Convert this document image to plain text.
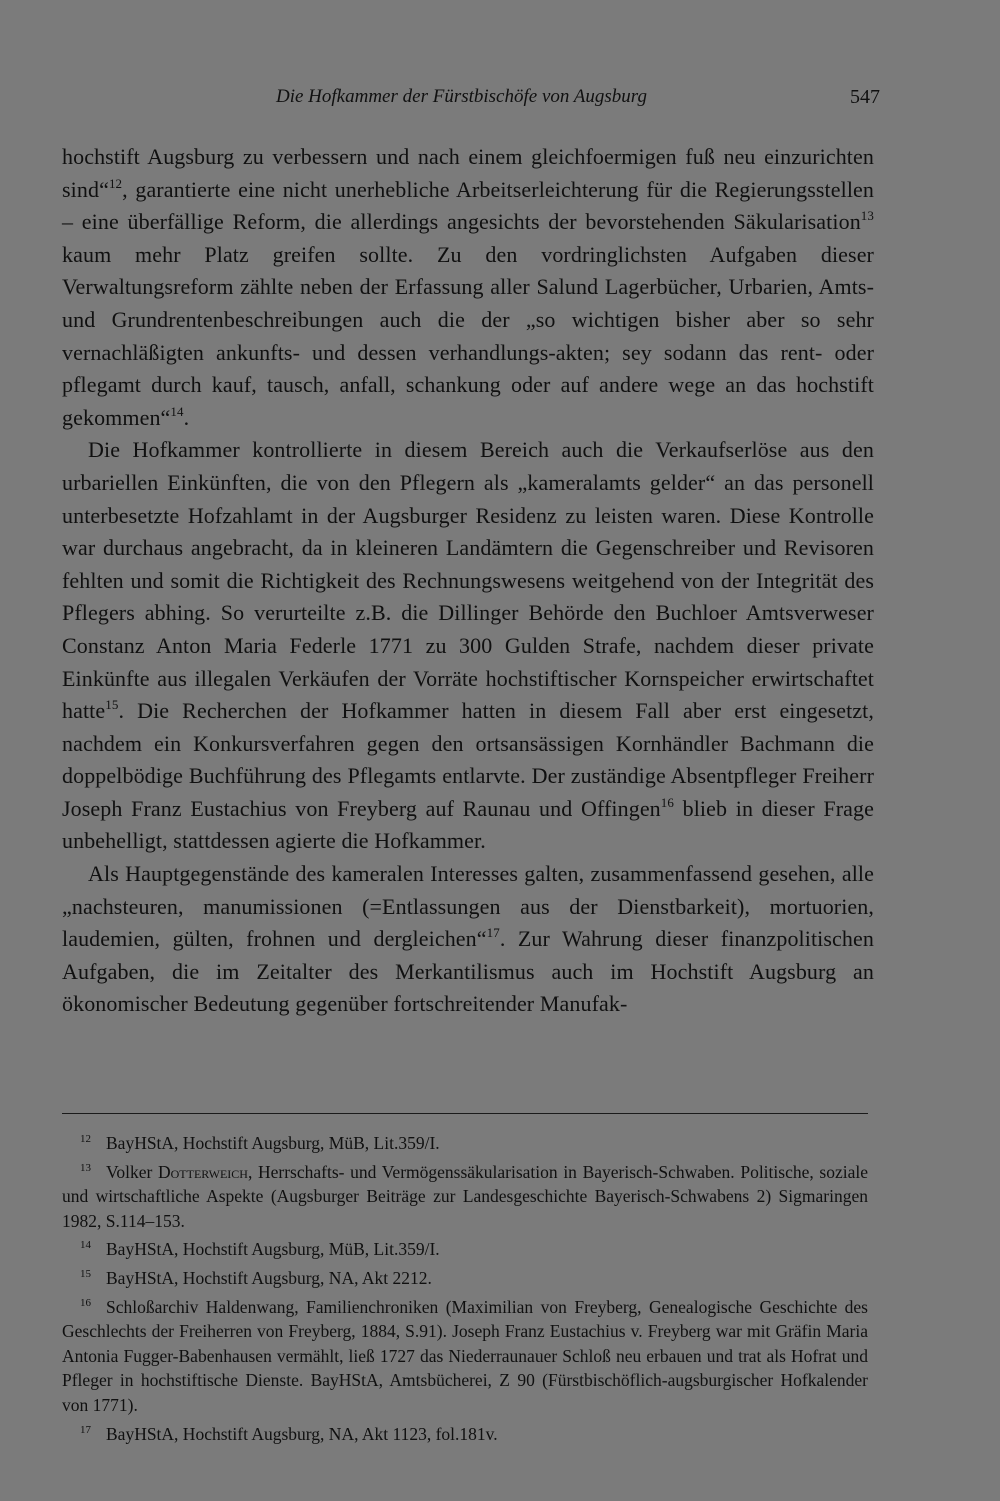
Die Hofkammer der Fürstbischöfe von Augsburg	547

hochstift Augsburg zu verbessern und nach einem gleichfoermigen fuß neu einzurichten sind“$^{12}$, garantierte eine nicht unerhebliche Arbeitserleichterung für die Regierungsstellen – eine überfällige Reform, die allerdings angesichts der bevorstehenden Säkularisation$^{13}$ kaum mehr Platz greifen sollte. Zu den vordringlichsten Aufgaben dieser Verwaltungsreform zählte neben der Erfassung aller Salund Lagerbücher, Urbarien, Amts- und Grundrentenbeschreibungen auch die der „so wichtigen bisher aber so sehr vernachläßigten ankunfts- und dessen verhandlungs-akten; sey sodann das rent- oder pflegamt durch kauf, tausch, anfall, schankung oder auf andere wege an das hochstift gekommen“$^{14}$.

Die Hofkammer kontrollierte in diesem Bereich auch die Verkaufserlöse aus den urbariellen Einkünften, die von den Pflegern als „kameralamts gelder“ an das personell unterbesetzte Hofzahlamt in der Augsburger Residenz zu leisten waren. Diese Kontrolle war durchaus angebracht, da in kleineren Landämtern die Gegenschreiber und Revisoren fehlten und somit die Richtigkeit des Rechnungswesens weitgehend von der Integrität des Pflegers abhing. So verurteilte z.B. die Dillinger Behörde den Buchloer Amtsverweser Constanz Anton Maria Federle 1771 zu 300 Gulden Strafe, nachdem dieser private Einkünfte aus illegalen Verkäufen der Vorräte hochstiftischer Kornspeicher erwirtschaftet hatte$^{15}$. Die Recherchen der Hofkammer hatten in diesem Fall aber erst eingesetzt, nachdem ein Konkursverfahren gegen den ortsansässigen Kornhändler Bachmann die doppelbödige Buchführung des Pflegamts entlarvte. Der zuständige Absentpfleger Freiherr Joseph Franz Eustachius von Freyberg auf Raunau und Offingen$^{16}$ blieb in dieser Frage unbehelligt, stattdessen agierte die Hofkammer.

Als Hauptgegenstände des kameralen Interesses galten, zusammenfassend gesehen, alle „nachsteuren, manumissionen (=Entlassungen aus der Dienstbarkeit), mortuorien, laudemien, gülten, frohnen und dergleichen“$^{17}$. Zur Wahrung dieser finanzpolitischen Aufgaben, die im Zeitalter des Merkantilismus auch im Hochstift Augsburg an ökonomischer Bedeutung gegenüber fortschreitender Manufak-

12 BayHStA, Hochstift Augsburg, MüB, Lit.359/I.

13 Volker Dotterweich, Herrschafts- und Vermögenssäkularisation in Bayerisch-Schwaben. Politische, soziale und wirtschaftliche Aspekte (Augsburger Beiträge zur Landesgeschichte Bayerisch-Schwabens 2) Sigmaringen 1982, S.114–153.

14 BayHStA, Hochstift Augsburg, MüB, Lit.359/I.

15 BayHStA, Hochstift Augsburg, NA, Akt 2212.

16 Schloßarchiv Haldenwang, Familienchroniken (Maximilian von Freyberg, Genealogische Geschichte des Geschlechts der Freiherren von Freyberg, 1884, S.91). Joseph Franz Eustachius v. Freyberg war mit Gräfin Maria Antonia Fugger-Babenhausen vermählt, ließ 1727 das Niederraunauer Schloß neu erbauen und trat als Hofrat und Pfleger in hochstiftische Dienste. BayHStA, Amtsbücherei, Z 90 (Fürstbischöflich-augsburgischer Hofkalender von 1771).

17 BayHStA, Hochstift Augsburg, NA, Akt 1123, fol.181v.
